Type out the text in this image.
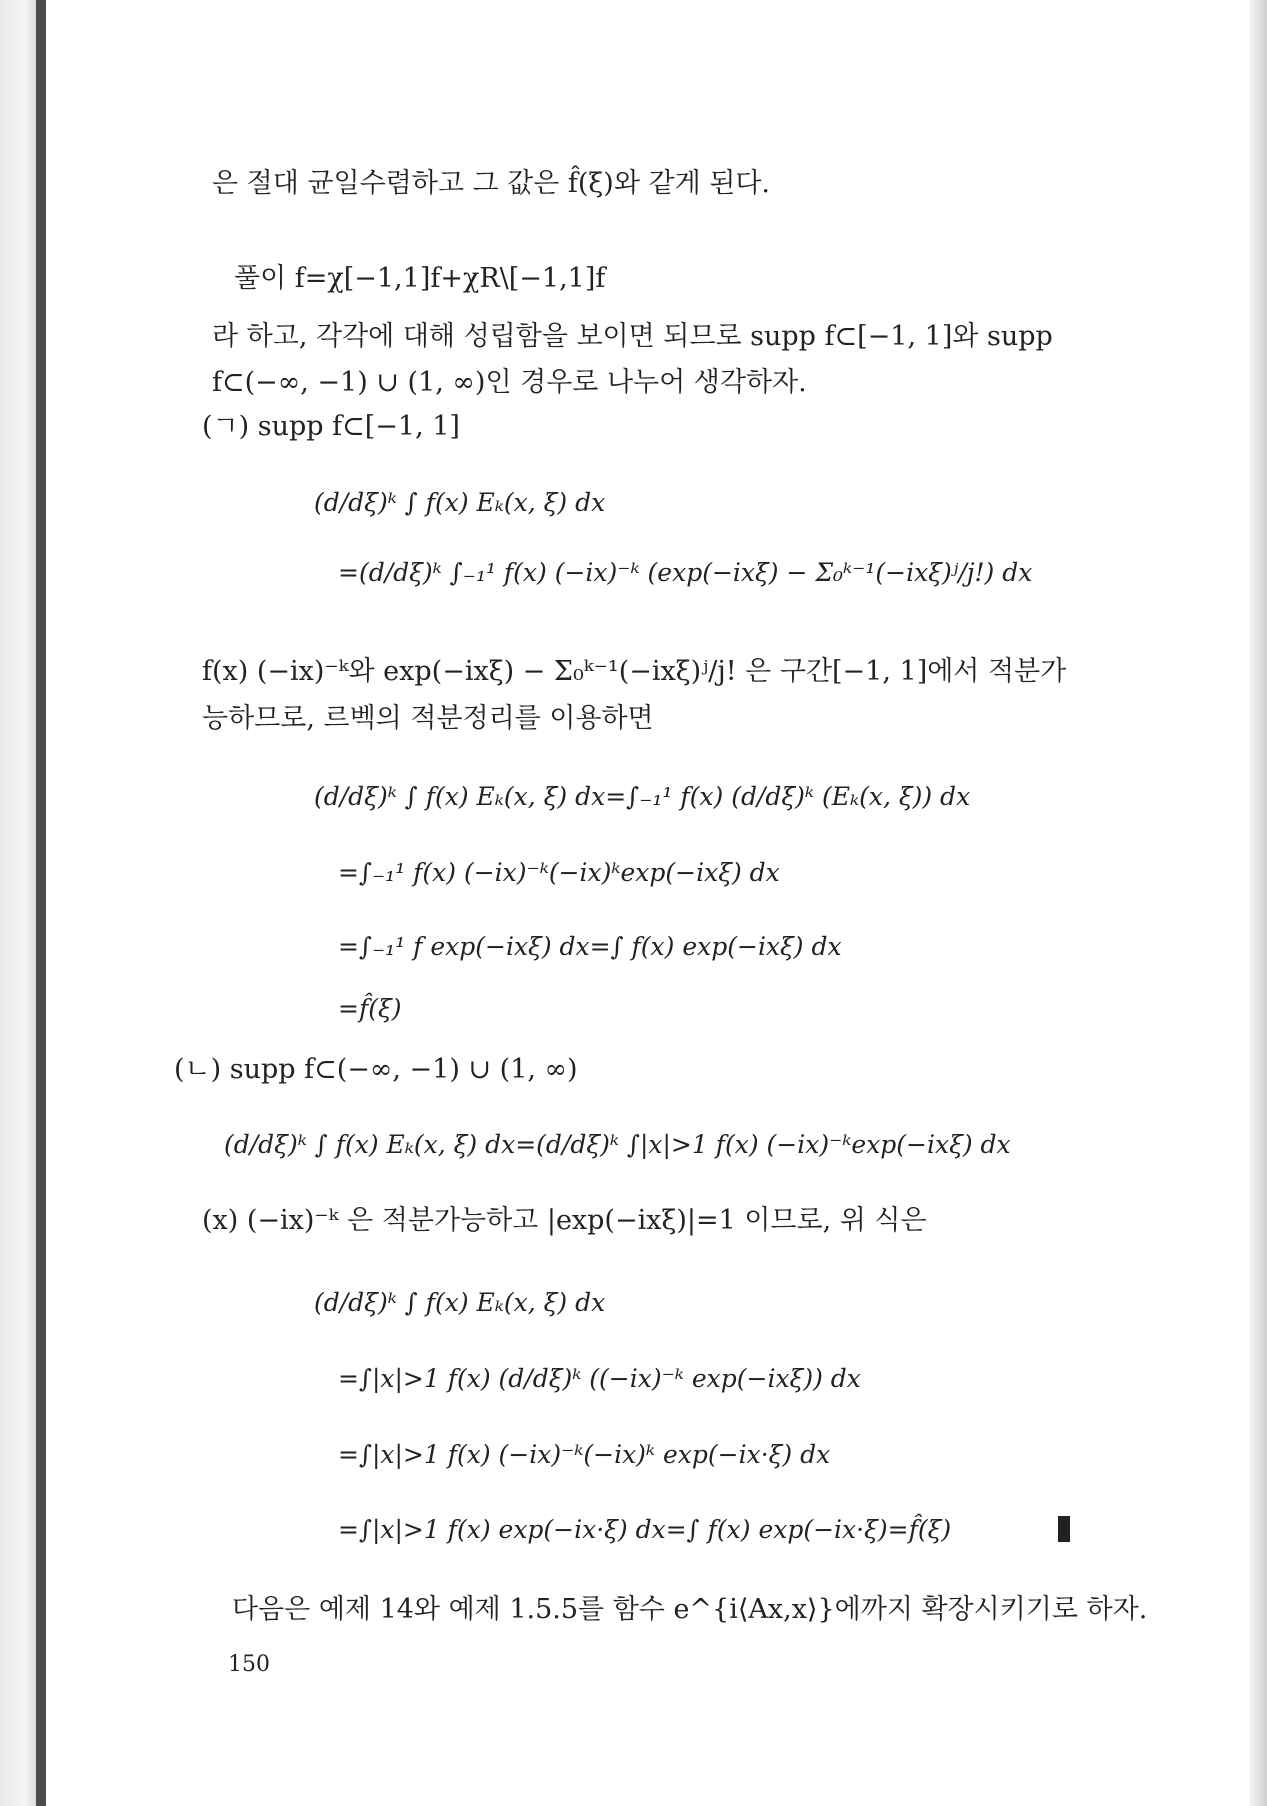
은 절대 균일수렴하고 그 값은 f̂(ξ)와 같게 된다.
풀이 f=χ[−1,1]f+χR\[−1,1]f
라 하고, 각각에 대해 성립함을 보이면 되므로 supp f⊂[−1, 1]와 supp
f⊂(−∞, −1) ∪ (1, ∞)인 경우로 나누어 생각하자.
(ㄱ) supp f⊂[−1, 1]
(d/dξ)ᵏ ∫ f(x) Eₖ(x, ξ) dx
=(d/dξ)ᵏ ∫₋₁¹ f(x) (−ix)⁻ᵏ (exp(−ixξ) − Σ₀ᵏ⁻¹(−ixξ)ʲ/j!) dx
f(x) (−ix)⁻ᵏ와 exp(−ixξ) − Σ₀ᵏ⁻¹(−ixξ)ʲ/j! 은 구간[−1, 1]에서 적분가
능하므로, 르벡의 적분정리를 이용하면
(d/dξ)ᵏ ∫ f(x) Eₖ(x, ξ) dx=∫₋₁¹ f(x) (d/dξ)ᵏ (Eₖ(x, ξ)) dx
=∫₋₁¹ f(x) (−ix)⁻ᵏ(−ix)ᵏexp(−ixξ) dx
=∫₋₁¹ f exp(−ixξ) dx=∫ f(x) exp(−ixξ) dx
=f̂(ξ)
(ㄴ) supp f⊂(−∞, −1) ∪ (1, ∞)
(d/dξ)ᵏ ∫ f(x) Eₖ(x, ξ) dx=(d/dξ)ᵏ ∫|x|>1 f(x) (−ix)⁻ᵏexp(−ixξ) dx
(x) (−ix)⁻ᵏ 은 적분가능하고 |exp(−ixξ)|=1 이므로, 위 식은
(d/dξ)ᵏ ∫ f(x) Eₖ(x, ξ) dx
=∫|x|>1 f(x) (d/dξ)ᵏ ((−ix)⁻ᵏ exp(−ixξ)) dx
=∫|x|>1 f(x) (−ix)⁻ᵏ(−ix)ᵏ exp(−ix·ξ) dx
=∫|x|>1 f(x) exp(−ix·ξ) dx=∫ f(x) exp(−ix·ξ)=f̂(ξ)
다음은 예제 14와 예제 1.5.5를 함수 e^{i⟨Ax,x⟩}에까지 확장시키기로 하자.
150
